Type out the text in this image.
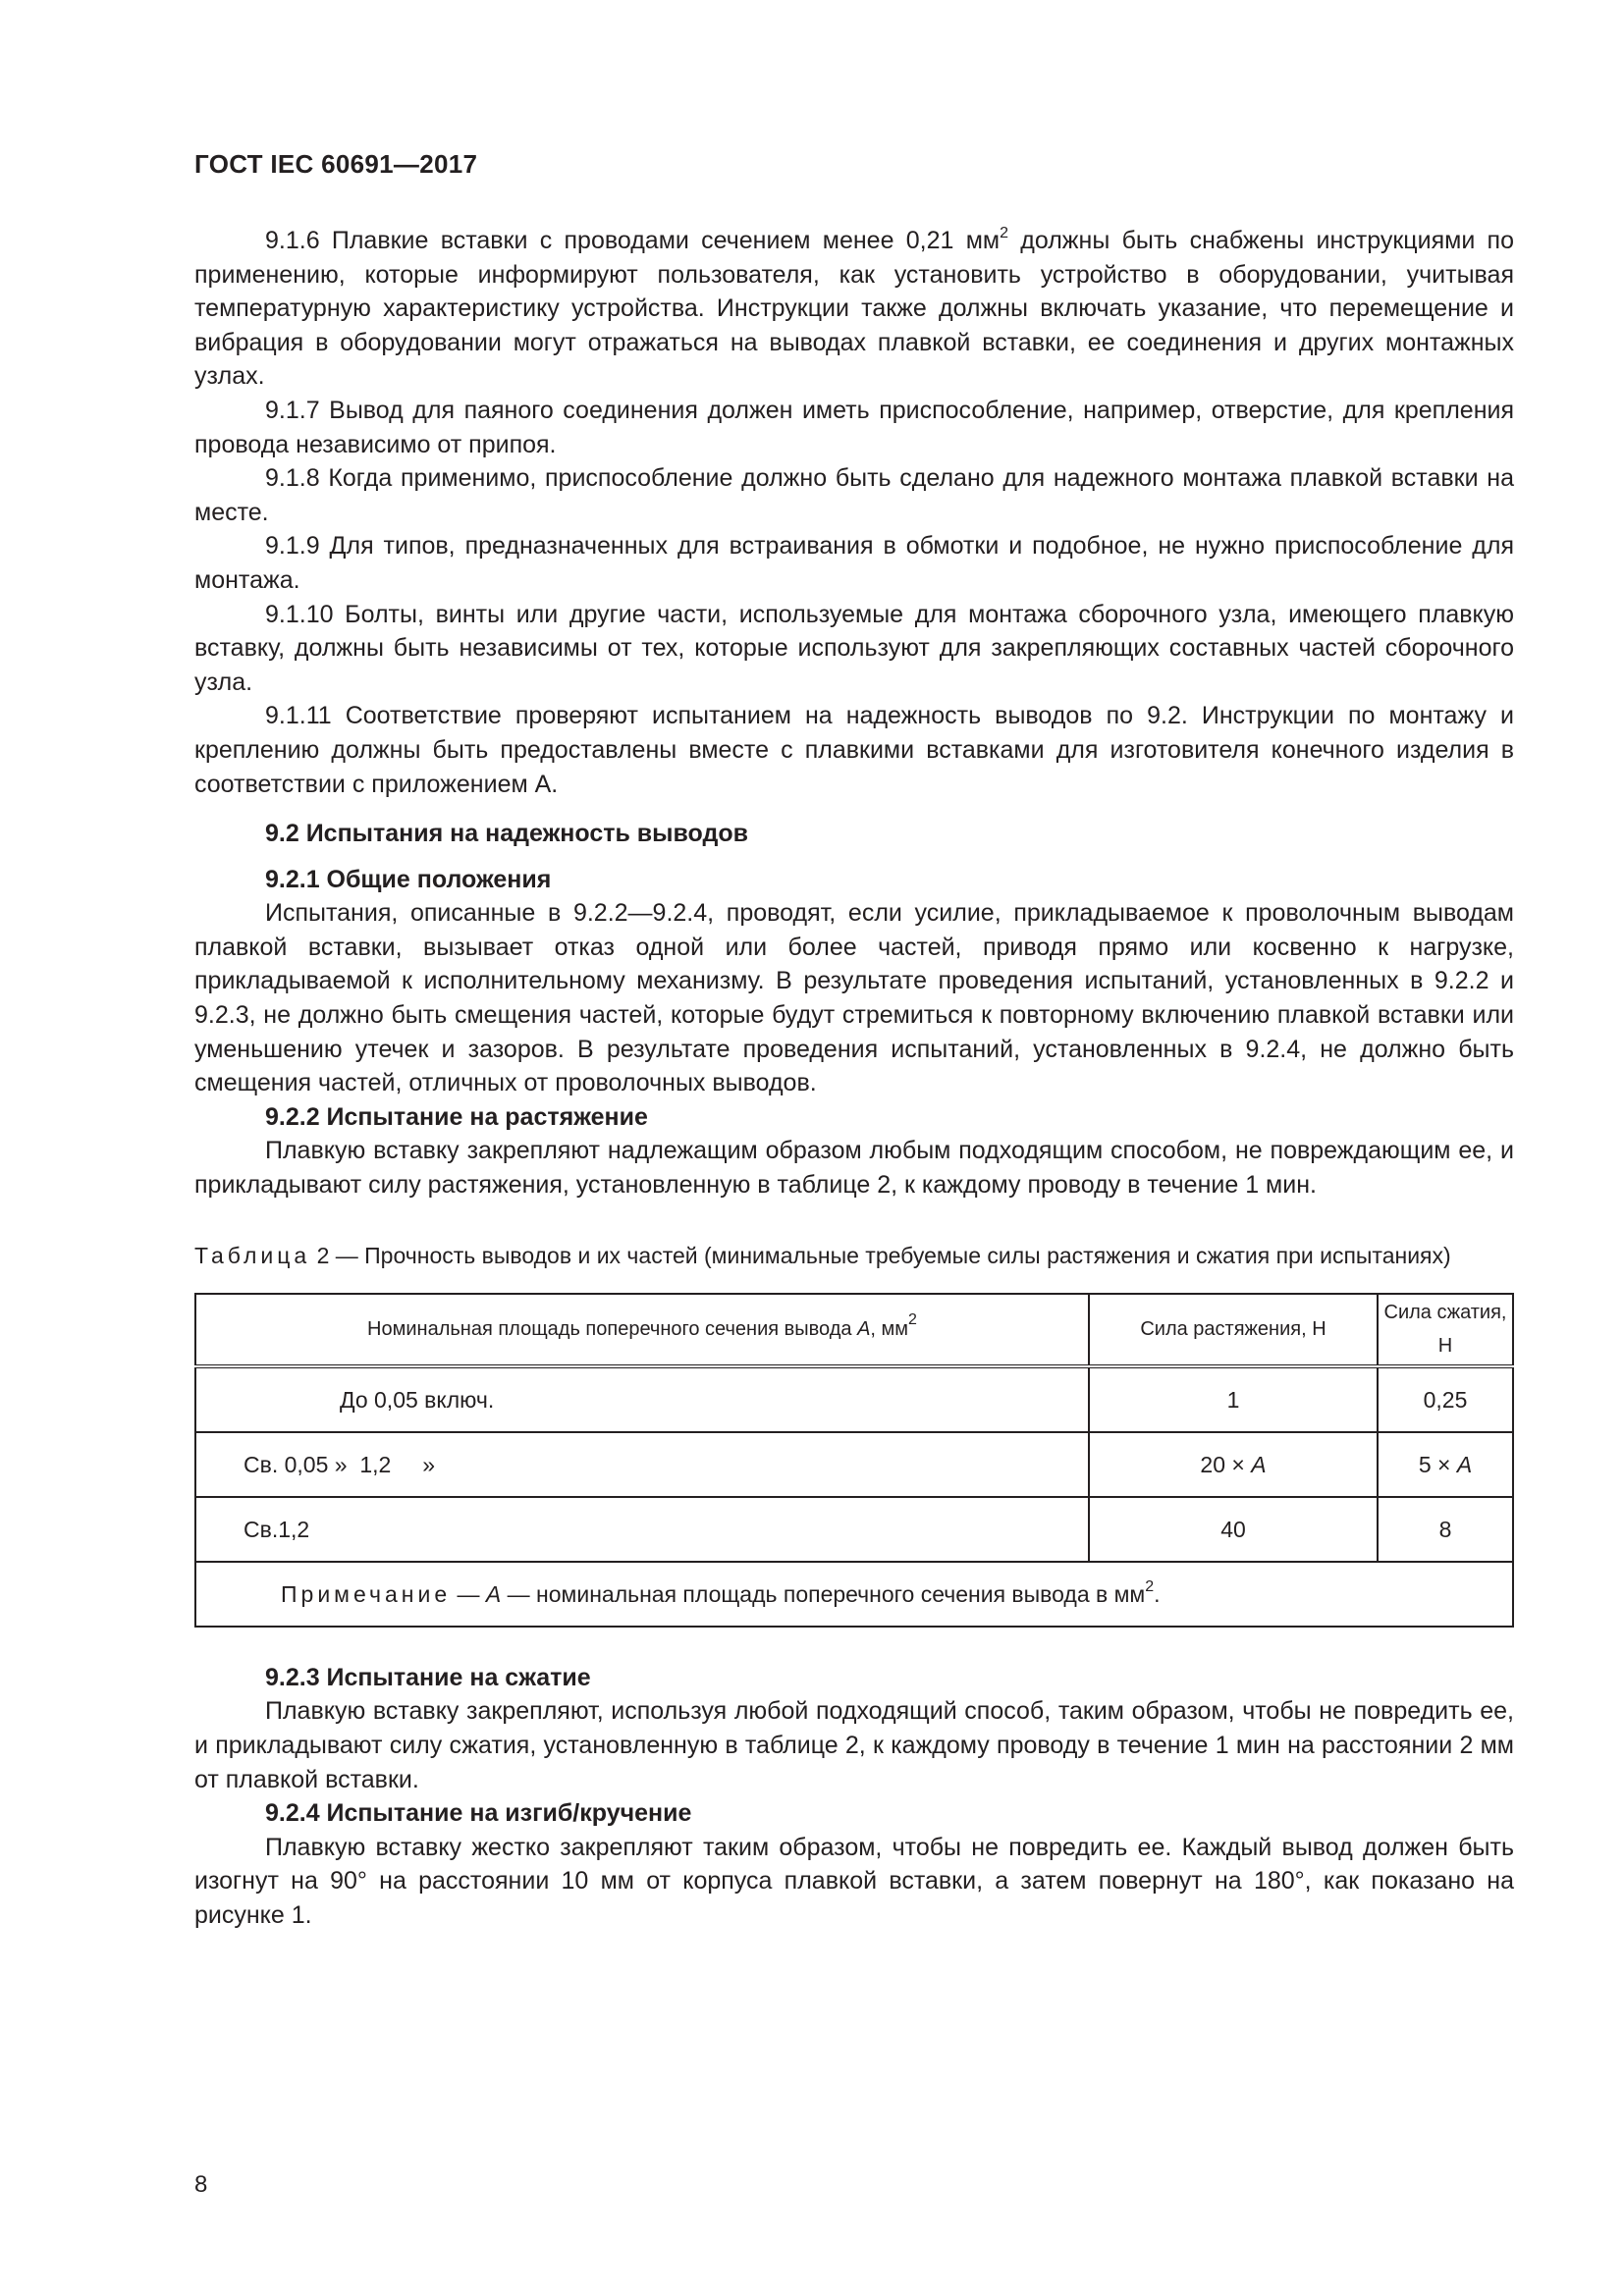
ГОСТ IEC 60691—2017

9.1.6 Плавкие вставки с проводами сечением менее 0,21 $мм^2$ должны быть снабжены инструкциями по применению, которые информируют пользователя, как установить устройство в оборудовании, учитывая температурную характеристику устройства. Инструкции также должны включать указание, что перемещение и вибрация в оборудовании могут отражаться на выводах плавкой вставки, ее соединения и других монтажных узлах.

9.1.7 Вывод для паяного соединения должен иметь приспособление, например, отверстие, для крепления провода независимо от припоя.

9.1.8 Когда применимо, приспособление должно быть сделано для надежного монтажа плавкой вставки на месте.

9.1.9 Для типов, предназначенных для встраивания в обмотки и подобное, не нужно приспособление для монтажа.

9.1.10 Болты, винты или другие части, используемые для монтажа сборочного узла, имеющего плавкую вставку, должны быть независимы от тех, которые используют для закрепляющих составных частей сборочного узла.

9.1.11 Соответствие проверяют испытанием на надежность выводов по 9.2. Инструкции по монтажу и креплению должны быть предоставлены вместе с плавкими вставками для изготовителя конечного изделия в соответствии с приложением А.

9.2 Испытания на надежность выводов
9.2.1 Общие положения

Испытания, описанные в 9.2.2—9.2.4, проводят, если усилие, прикладываемое к проволочным выводам плавкой вставки, вызывает отказ одной или более частей, приводя прямо или косвенно к нагрузке, прикладываемой к исполнительному механизму. В результате проведения испытаний, установленных в 9.2.2 и 9.2.3, не должно быть смещения частей, которые будут стремиться к повторному включению плавкой вставки или уменьшению утечек и зазоров. В результате проведения испытаний, установленных в 9.2.4, не должно быть смещения частей, отличных от проволочных выводов.

9.2.2 Испытание на растяжение

Плавкую вставку закрепляют надлежащим образом любым подходящим способом, не повреждающим ее, и прикладывают силу растяжения, установленную в таблице 2, к каждому проводу в течение 1 мин.

Таблица 2 — Прочность выводов и их частей (минимальные требуемые силы растяжения и сжатия при испытаниях)
Номинальная площадь поперечного сечения вывода A, $мм^2$	Сила растяжения, Н	Сила сжатия, Н
До 0,05 включ.	1	0,25
Св. 0,05 »  1,2     »	20 × A	5 × A
Св.1,2	40	8
Примечание — A — номинальная площадь поперечного сечения вывода в $мм^2$.		
9.2.3 Испытание на сжатие

Плавкую вставку закрепляют, используя любой подходящий способ, таким образом, чтобы не повредить ее, и прикладывают силу сжатия, установленную в таблице 2, к каждому проводу в течение 1 мин на расстоянии 2 мм от плавкой вставки.

9.2.4 Испытание на изгиб/кручение

Плавкую вставку жестко закрепляют таким образом, чтобы не повредить ее. Каждый вывод должен быть изогнут на 90° на расстоянии 10 мм от корпуса плавкой вставки, а затем повернут на 180°, как показано на рисунке 1.

8
